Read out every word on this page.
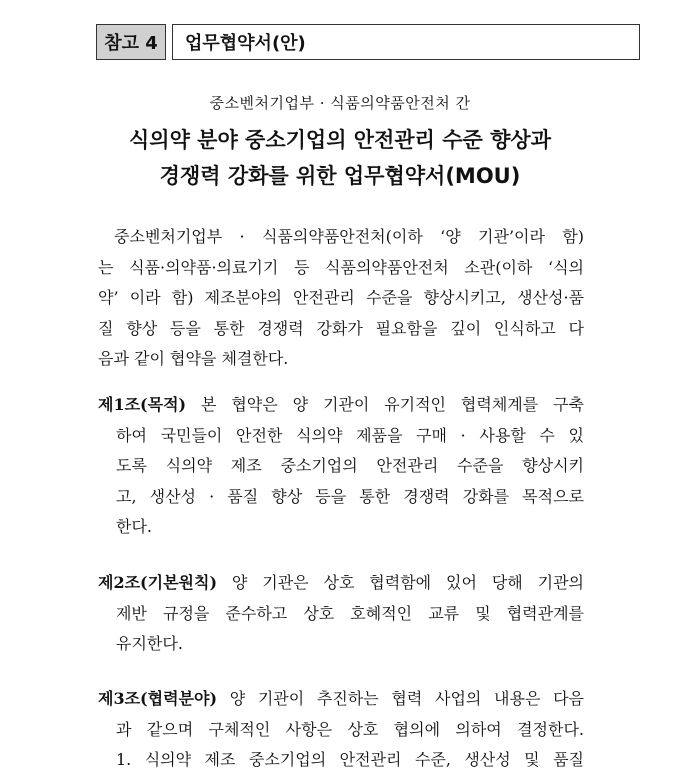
참고 4	업무협약서(안)
중소벤처기업부 · 식품의약품안전처 간
식의약 분야 중소기업의 안전관리 수준 향상과
경쟁력 강화를 위한 업무협약서(MOU)
중소벤처기업부 · 식품의약품안전처(이하 ‘양 기관’이라 함)
는 식품·의약품·의료기기 등 식품의약품안전처 소관(이하 ‘식의
약’ 이라 함) 제조분야의 안전관리 수준을 향상시키고, 생산성·품
질 향상 등을 통한 경쟁력 강화가 필요함을 깊이 인식하고 다
음과 같이 협약을 체결한다.
제1조(목적) 본 협약은 양 기관이 유기적인 협력체계를 구축
하여 국민들이 안전한 식의약 제품을 구매 · 사용할 수 있
도록 식의약 제조 중소기업의 안전관리 수준을 향상시키
고, 생산성 · 품질 향상 등을 통한 경쟁력 강화를 목적으로
한다.
제2조(기본원칙) 양 기관은 상호 협력함에 있어 당해 기관의
제반 규정을 준수하고 상호 호혜적인 교류 및 협력관계를
유지한다.
제3조(협력분야) 양 기관이 추진하는 협력 사업의 내용은 다음
과 같으며 구체적인 사항은 상호 협의에 의하여 결정한다.
1. 식의약 제조 중소기업의 안전관리 수준, 생산성 및 품질
